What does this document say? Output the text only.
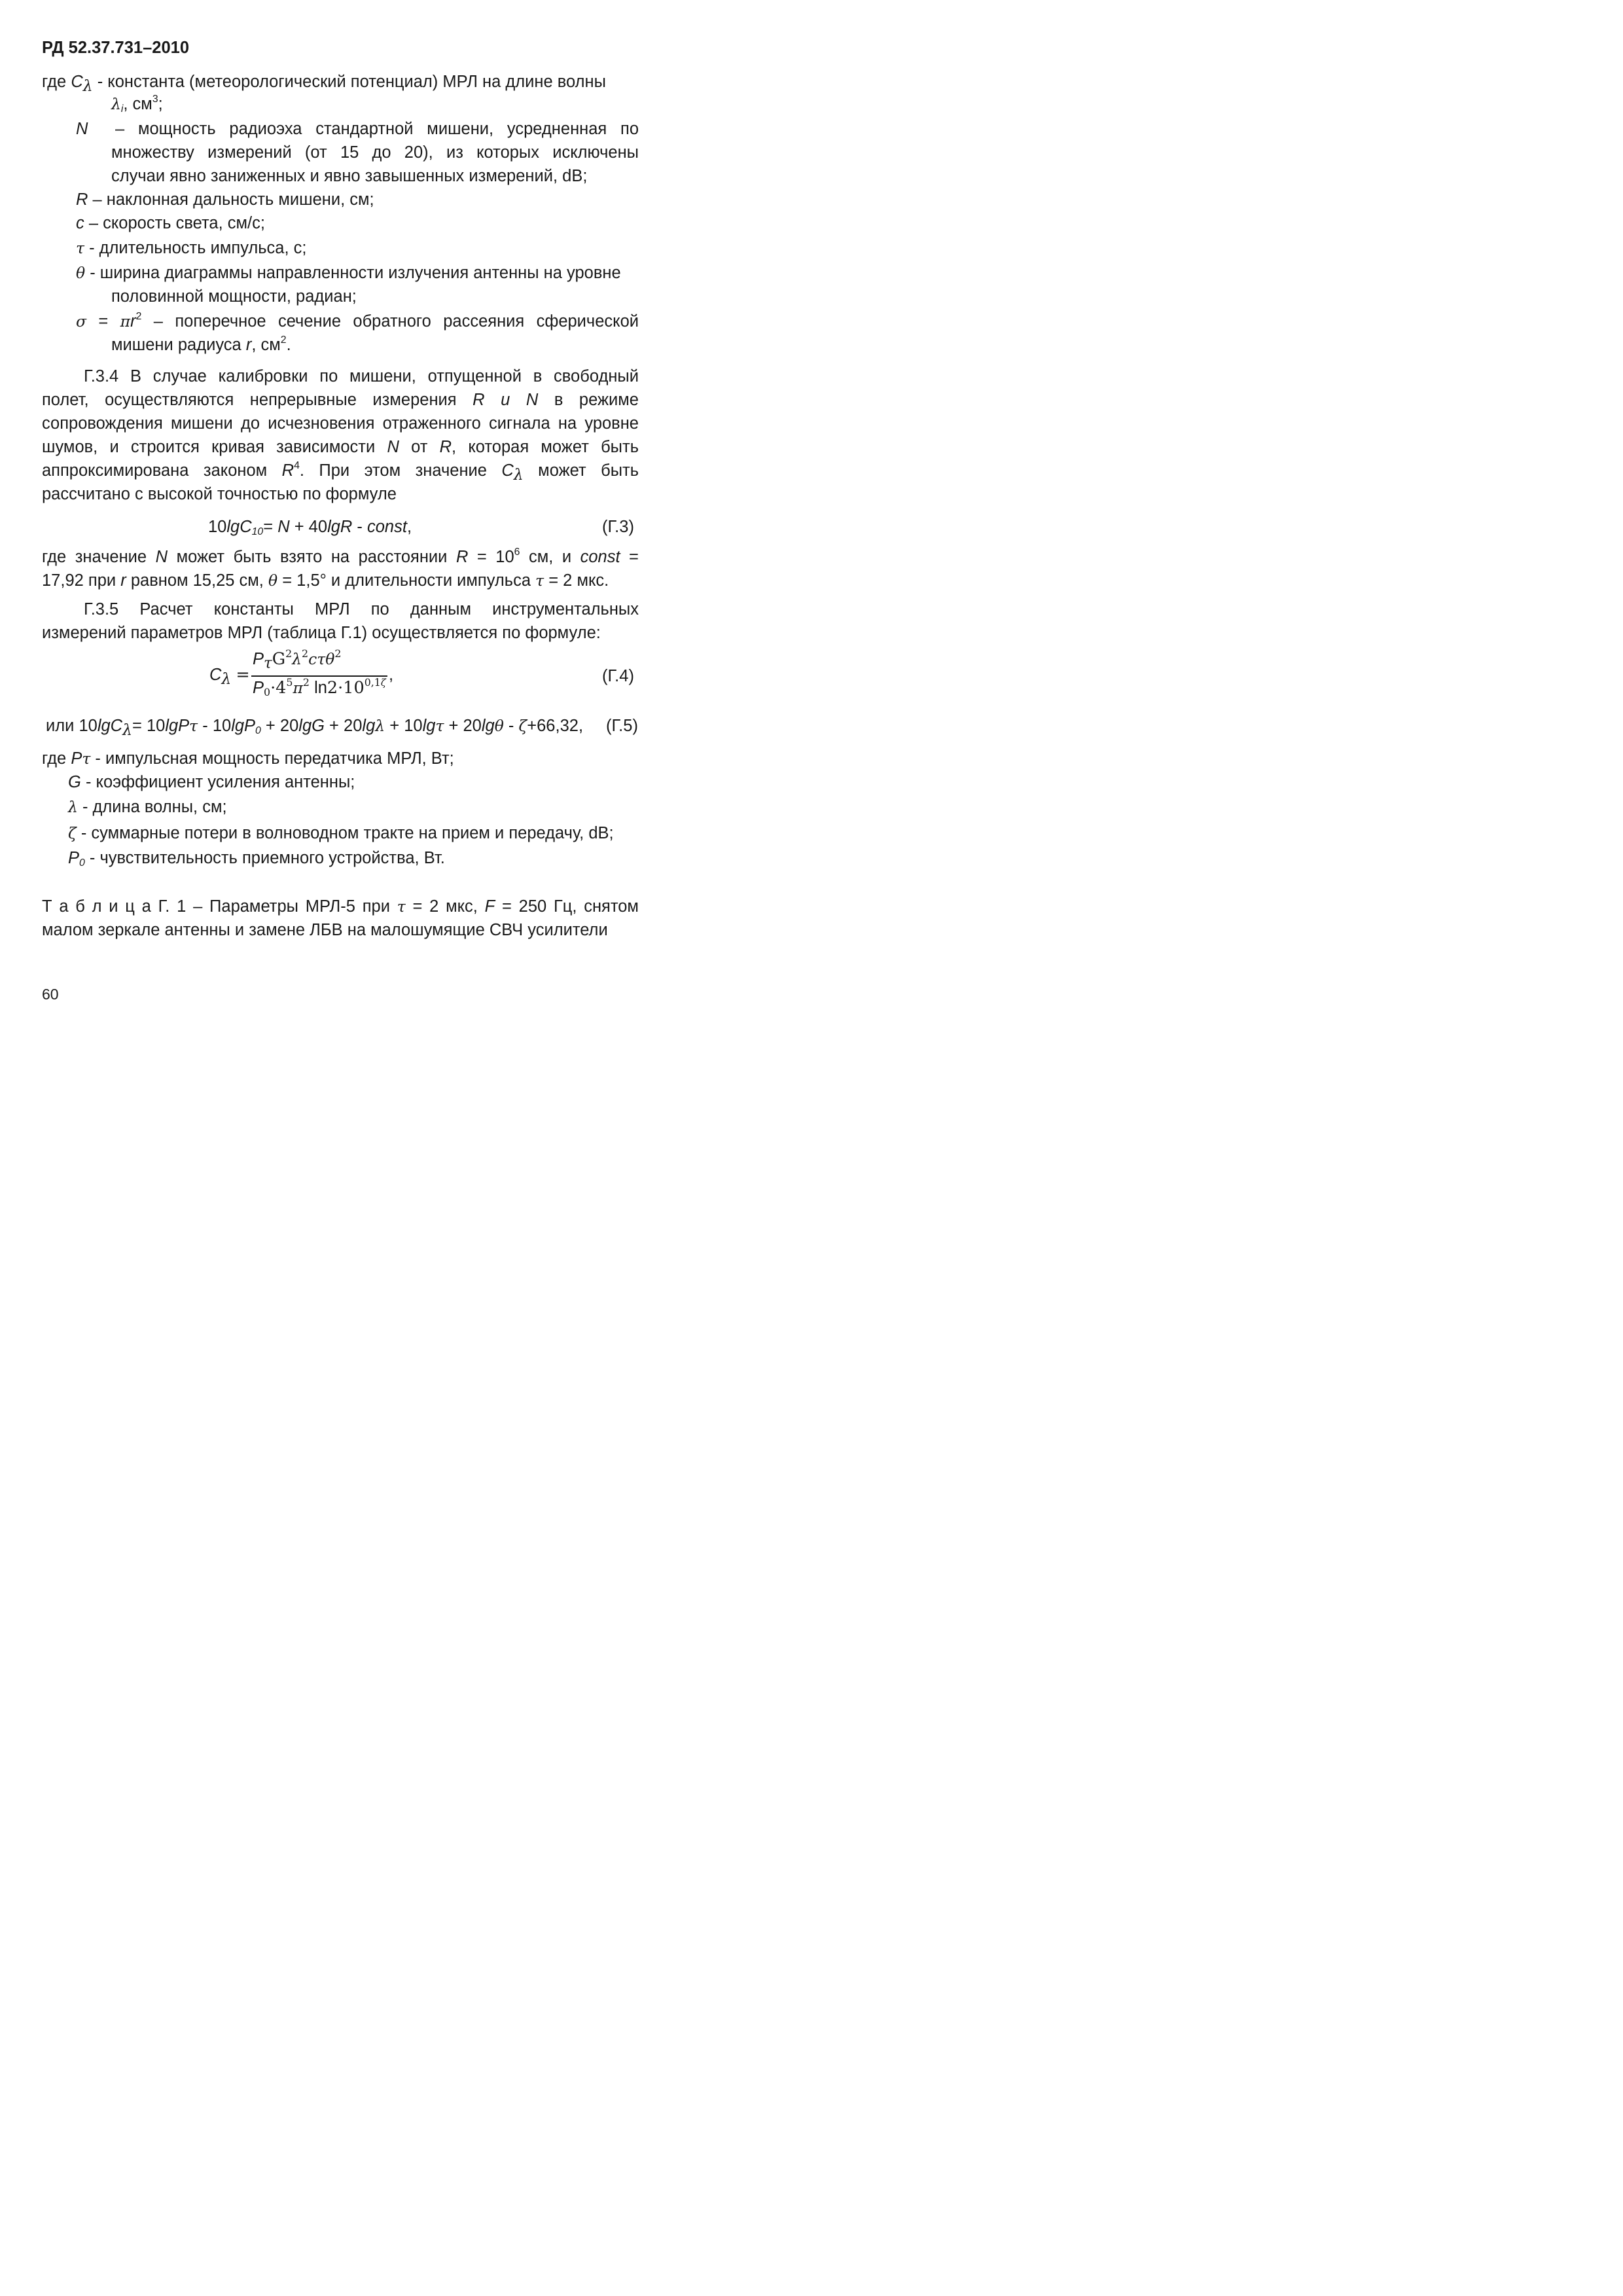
РД 52.37.731–2010
где $C_\lambda$ - константа (метеорологический потенциал) МРЛ на длине волны
$\lambda_i$, $см^3$;
N – мощность радиоэха стандартной мишени, усредненная по
множеству измерений (от 15 до 20), из которых исключены
случаи явно заниженных и явно завышенных измерений, dB;
R – наклонная дальность мишени, см;
c – скорость света, см/с;
τ - длительность импульса, с;
θ - ширина диаграммы направленности излучения антенны на уровне
половинной мощности, радиан;
$\sigma = \pi r^2$ – поперечное сечение обратного рассеяния сферической
мишени радиуса r, $см^2$.
Г.3.4 В случае калибровки по мишени, отпущенной в свободный
полет, осуществляются непрерывные измерения R u N в режиме
сопровождения мишени до исчезновения отраженного сигнала на уровне
шумов, и строится кривая зависимости N от R, которая может быть
аппроксимирована законом $R^4$. При этом значение $C_\lambda$ может быть
рассчитано с высокой точностью по формуле
10lgC$_{10}$= N + 40lgR - const,	(Г.3)
где значение N может быть взято на расстоянии $R = 10^6$ см, и const =
17,92 при r равном 15,25 см, θ = 1,5° и длительности импульса τ = 2 мкс.
Г.3.5 Расчет константы МРЛ по данным инструментальных
измерений параметров МРЛ (таблица Г.1) осуществляется по формуле:
$C_\lambda$ =
$P_\tau G^2\lambda^2c\tau\theta^2$
$P_0\cdot 4^5\pi^2$ $\ln 2\cdot 10^{0,1\zeta}$ ,	(Г.4)
или 10lgC$_\lambda$= 10lgPτ - 10lgP$_0$ + 20lgG + 20lgλ + 10lgτ + 20lgθ - ζ+66,32, (Г.5)
где Pτ - импульсная мощность передатчика МРЛ, Вт;
G - коэффициент усиления антенны;
λ - длина волны, см;
ζ - суммарные потери в волноводном тракте на прием и передачу, dB;
$P_0$ - чувствительность приемного устройства, Вт.
Т а б л и ц а Г. 1 – Параметры МРЛ-5 при τ = 2 мкс, F = 250 Гц, снятом
малом зеркале антенны и замене ЛБВ на малошумящие СВЧ усилители
60
